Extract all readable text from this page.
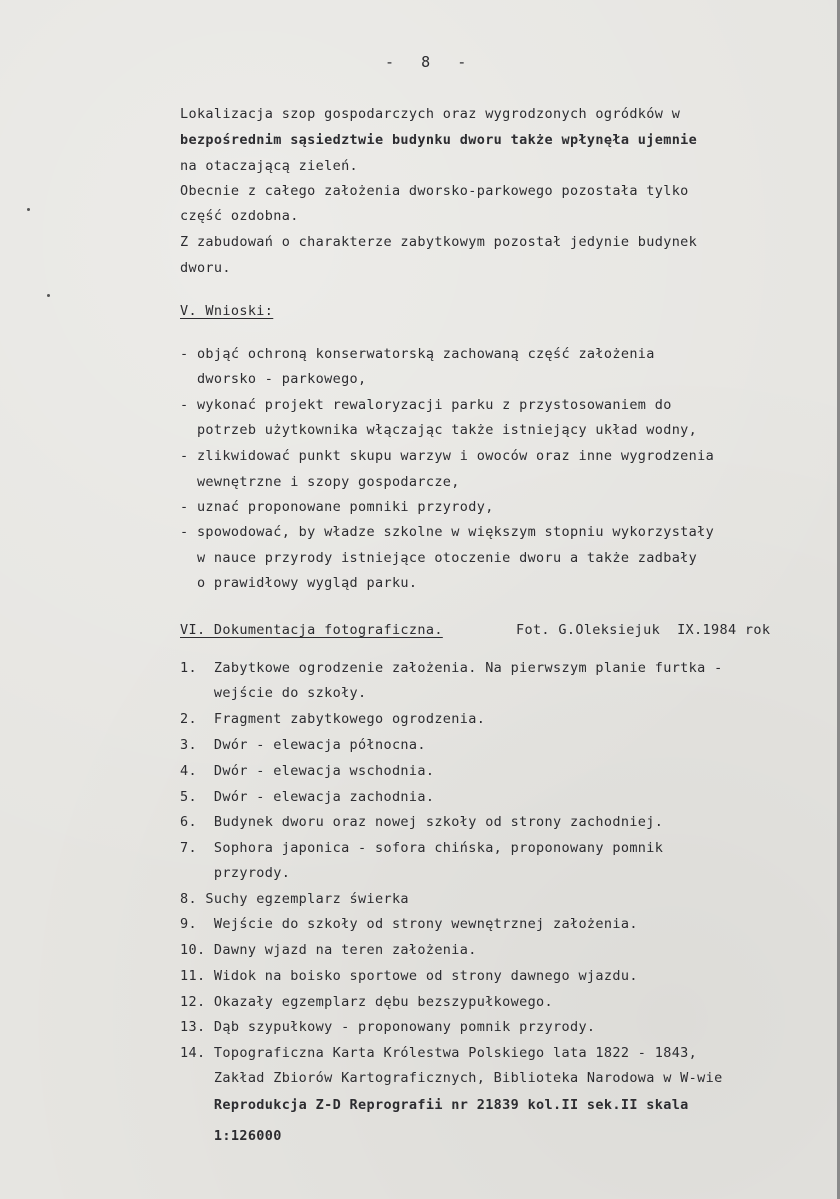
-   8   -
Lokalizacja szop gospodarczych oraz wygrodzonych ogródków w
bezpośrednim sąsiedztwie budynku dworu także wpłynęła ujemnie
na otaczającą zieleń.
Obecnie z całego założenia dworsko-parkowego pozostała tylko
część ozdobna.
Z zabudowań o charakterze zabytkowym pozostał jedynie budynek
dworu.
V. Wnioski:
- objąć ochroną konserwatorską zachowaną część założenia
dworsko - parkowego,
- wykonać projekt rewaloryzacji parku z przystosowaniem do
potrzeb użytkownika włączając także istniejący układ wodny,
- zlikwidować punkt skupu warzyw i owoców oraz inne wygrodzenia
wewnętrzne i szopy gospodarcze,
- uznać proponowane pomniki przyrody,
- spowodować, by władze szkolne w większym stopniu wykorzystały
w nauce przyrody istniejące otoczenie dworu a także zadbały
o prawidłowy wygląd parku.
VI. Dokumentacja fotograficzna.	Fot. G.Oleksiejuk  IX.1984 rok
1.  Zabytkowe ogrodzenie założenia. Na pierwszym planie furtka -
wejście do szkoły.
2.  Fragment zabytkowego ogrodzenia.
3.  Dwór - elewacja północna.
4.  Dwór - elewacja wschodnia.
5.  Dwór - elewacja zachodnia.
6.  Budynek dworu oraz nowej szkoły od strony zachodniej.
7.  Sophora japonica - sofora chińska, proponowany pomnik
przyrody.
8. Suchy egzemplarz świerka
9.  Wejście do szkoły od strony wewnętrznej założenia.
10. Dawny wjazd na teren założenia.
11. Widok na boisko sportowe od strony dawnego wjazdu.
12. Okazały egzemplarz dębu bezszypułkowego.
13. Dąb szypułkowy - proponowany pomnik przyrody.
14. Topograficzna Karta Królestwa Polskiego lata 1822 - 1843,
Zakład Zbiorów Kartograficznych, Biblioteka Narodowa w W-wie
Reprodukcja Z-D Reprografii nr 21839 kol.II sek.II skala
1:126000
